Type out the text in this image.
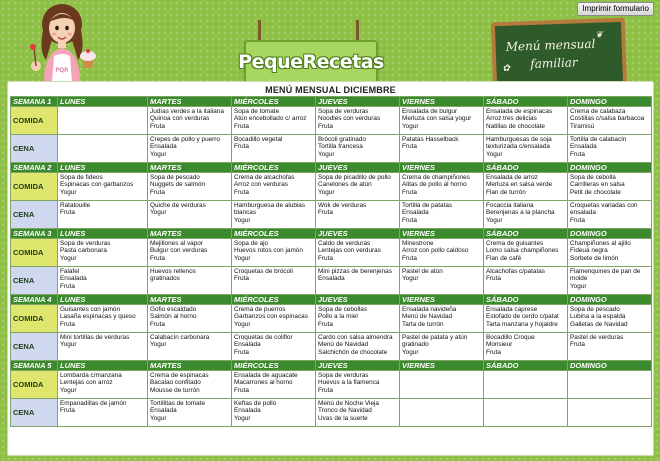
Imprimir formulario
PQR	PequeRecetas
Menú mensual
familiar
✿
❦
MENÚ MENSUAL DICIEMBRE
SEMANA 1	LUNES	MARTES	MIÉRCOLES	JUEVES	VIERNES	SÁBADO	DOMINGO
COMIDA		Judías verdes a la italiana
Quinoa con verduras
Fruta	Sopa de tomate
Atún encebollado c/ arroz
Fruta	Sopa de verduras
Noodles con verduras
Fruta	Ensalada de bulgur
Merluza con salsa yogur
Yogur	Ensalada de espinacas
Arroz tres delicias
Natillas de chocolate	Crema de calabaza
Costillas c/salsa barbacoa
Tiramisú

CENA		Crepes de pollo y puerro
Ensalada
Yogur	Bocadillo vegetal
Fruta	Brócoli gratinado
Tortilla francesa
Yogur	Patatas Hasselback
Fruta	Hamburguesas de soja
texturizada c/ensalada
Yogur	Tortilla de calabacín
Ensalada
Fruta

SEMANA 2	LUNES	MARTES	MIÉRCOLES	JUEVES	VIERNES	SÁBADO	DOMINGO
COMIDA	Sopa de fideos
Espinacas con garbanzos
Yogur	Sopa de pescado
Nuggets de salmón
Fruta	Crema de alcachofas
Arroz con verduras
Fruta	Sopa de picadillo de pollo
Canelones de atún
Yogur	Crema de champiñones
Alitas de pollo al horno
Fruta	Ensalada de arroz
Merluza en salsa verde
Flan de turrón	Sopa de cebolla
Carrilleras en salsa
Petit de chocolate

CENA	Ratatouille
Fruta	Quiche de verduras
Yogur	Hamburguesa de alubias
blancas
Yogur	Wok de verduras
Fruta	Tortilla de patatas
Ensalada
Fruta	Focaccia italiana
Berenjenas a la plancha
Yogur	Croquetas variadas con
ensalada
Fruta

SEMANA 3	LUNES	MARTES	MIÉRCOLES	JUEVES	VIERNES	SÁBADO	DOMINGO
COMIDA	Sopa de verduras
Pasta carbonara
Yogur	Mejillones al vapor
Bulgur con verduras
Fruta	Sopa de ajo
Huevos rotos con jamón
Yogur	Caldo de verduras
Lentejas con verduras
Fruta	Minestrone
Arroz con pollo caldoso
Fruta	Crema de guisantes
Lomo salsa champiñones
Flan de café	Champiñones al ajillo
Fideuá negra
Sorbete de limón

CENA	Falafel
Ensalada
Fruta	Huevos rellenos
gratinados	Croquetas de brócoli
Fruta	Mini pizzas de berenjenas
Ensalada	Pastel de atún
Yogur	Alcachofas c/patatas
Fruta	Flamenquines de pan de
molde
Yogur

SEMANA 4	LUNES	MARTES	MIÉRCOLES	JUEVES	VIERNES	SÁBADO	DOMINGO
COMIDA	Guisantes con jamón
Lasaña espinacas y queso
Fruta	Gofio escaldado
Salmón al horno
Fruta	Crema de puerros
Garbanzos con espinacas
Yogur	Sopa de cebollas
Pollo a la miel
Fruta	Ensalada navideña
Menú de Navidad
Tarta de turrón	Ensalada caprese
Estofado de cerdo c/patat
Tarta manzana y hojaldre	Sopa de pescado
Lubina a la espalda
Galletas de Navidad

CENA	Mini tortillas de verduras
Yogur	Calabacín carbonara
Yogur	Croquetas de coliflor
Ensalada
Fruta	Cardo con salsa almendra
Menú de Navidad
Salchichón de chocolate	Pastel de patata y atún
gratinado
Yogur	Bocadillo Croque
Monsieur
Fruta	Pastel de verduras
Fruta

SEMANA 5	LUNES	MARTES	MIÉRCOLES	JUEVES	VIERNES	SÁBADO	DOMINGO
COMIDA	Lombarda c/manzana
Lentejas con arroz
Yogur	Crema de espinacas
Bacalao confitado
Mousse de turrón	Ensalada de aguacate
Macarrones al horno
Fruta	Sopa de verduras
Huevos a la flamenca
Fruta			

CENA	Empanadillas de jamón
Fruta	Tortillitas de tomate
Ensalada
Yogur	Keftas de pollo
Ensalada
Yogur	Menú de Noche Vieja
Tronco de Navidad
Uvas de la suerte			
